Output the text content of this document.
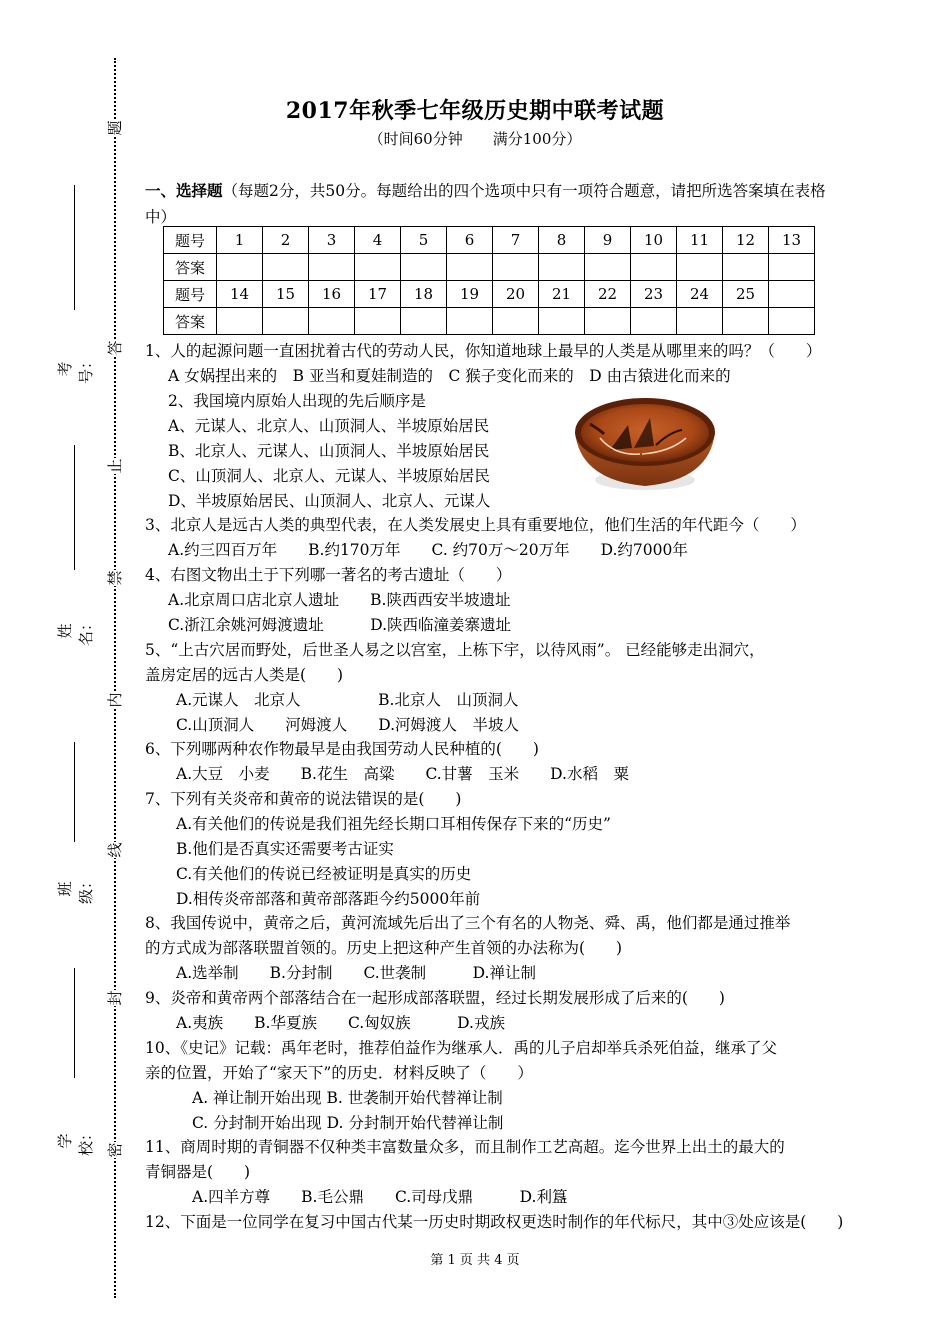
题
答
止
禁
内
线
封
密
考号：
姓名：
班级：
学校：
2017年秋季七年级历史期中联考试题
（时间60分钟　　满分100分）
一、选择题（每题2分，共50分。每题给出的四个选项中只有一项符合题意，请把所选答案填在表格中）
题号	1	2	3	4	5	6	7	8	9	10	11	12	13
答案													
题号	14	15	16	17	18	19	20	21	22	23	24	25	
答案													
1、人的起源问题一直困扰着古代的劳动人民，你知道地球上最早的人类是从哪里来的吗？（　　）
A 女娲捏出来的　B 亚当和夏娃制造的　C 猴子变化而来的　D 由古猿进化而来的
2、我国境内原始人出现的先后顺序是
A、元谋人、北京人、山顶洞人、半坡原始居民
B、北京人、元谋人、山顶洞人、半坡原始居民
C、山顶洞人、北京人、元谋人、半坡原始居民
D、半坡原始居民、山顶洞人、北京人、元谋人
3、北京人是远古人类的典型代表，在人类发展史上具有重要地位，他们生活的年代距今（　　）
A.约三四百万年　　B.约170万年　　C. 约70万～20万年　　D.约7000年
4、右图文物出土于下列哪一著名的考古遗址（　　）
A.北京周口店北京人遗址　　B.陕西西安半坡遗址
C.浙江余姚河姆渡遗址　　　D.陕西临潼姜寨遗址
5、“上古穴居而野处，后世圣人易之以宫室，上栋下宇，以待风雨”。 已经能够走出洞穴，
盖房定居的远古人类是(　　)
A.元谋人　北京人　　　　　B.北京人　山顶洞人
C.山顶洞人　　河姆渡人　　D.河姆渡人　半坡人
6、下列哪两种农作物最早是由我国劳动人民种植的(　　)
A.大豆　小麦　　B.花生　高粱　　C.甘薯　玉米　　D.水稻　粟
7、下列有关炎帝和黄帝的说法错误的是(　　)
A.有关他们的传说是我们祖先经长期口耳相传保存下来的“历史”
B.他们是否真实还需要考古证实
C.有关他们的传说已经被证明是真实的历史
D.相传炎帝部落和黄帝部落距今约5000年前
8、我国传说中，黄帝之后，黄河流域先后出了三个有名的人物尧、舜、禹，他们都是通过推举
的方式成为部落联盟首领的。历史上把这种产生首领的办法称为(　　)
A.选举制　　B.分封制　　C.世袭制　　　D.禅让制
9、炎帝和黄帝两个部落结合在一起形成部落联盟，经过长期发展形成了后来的(　　)
A.夷族　　B.华夏族　　C.匈奴族　　　D.戎族
10、《史记》记载：禹年老时，推荐伯益作为继承人．禹的儿子启却举兵杀死伯益，继承了父
亲的位置，开始了“家天下”的历史．材料反映了（　　）
A. 禅让制开始出现 B. 世袭制开始代替禅让制
C. 分封制开始出现 D. 分封制开始代替禅让制
11、商周时期的青铜器不仅种类丰富数量众多，而且制作工艺高超。迄今世界上出土的最大的
青铜器是(　　)
A.四羊方尊　　B.毛公鼎　　C.司母戊鼎　　　D.利簋
12、下面是一位同学在复习中国古代某一历史时期政权更迭时制作的年代标尺，其中③处应该是(　　)
第 1 页 共 4 页
